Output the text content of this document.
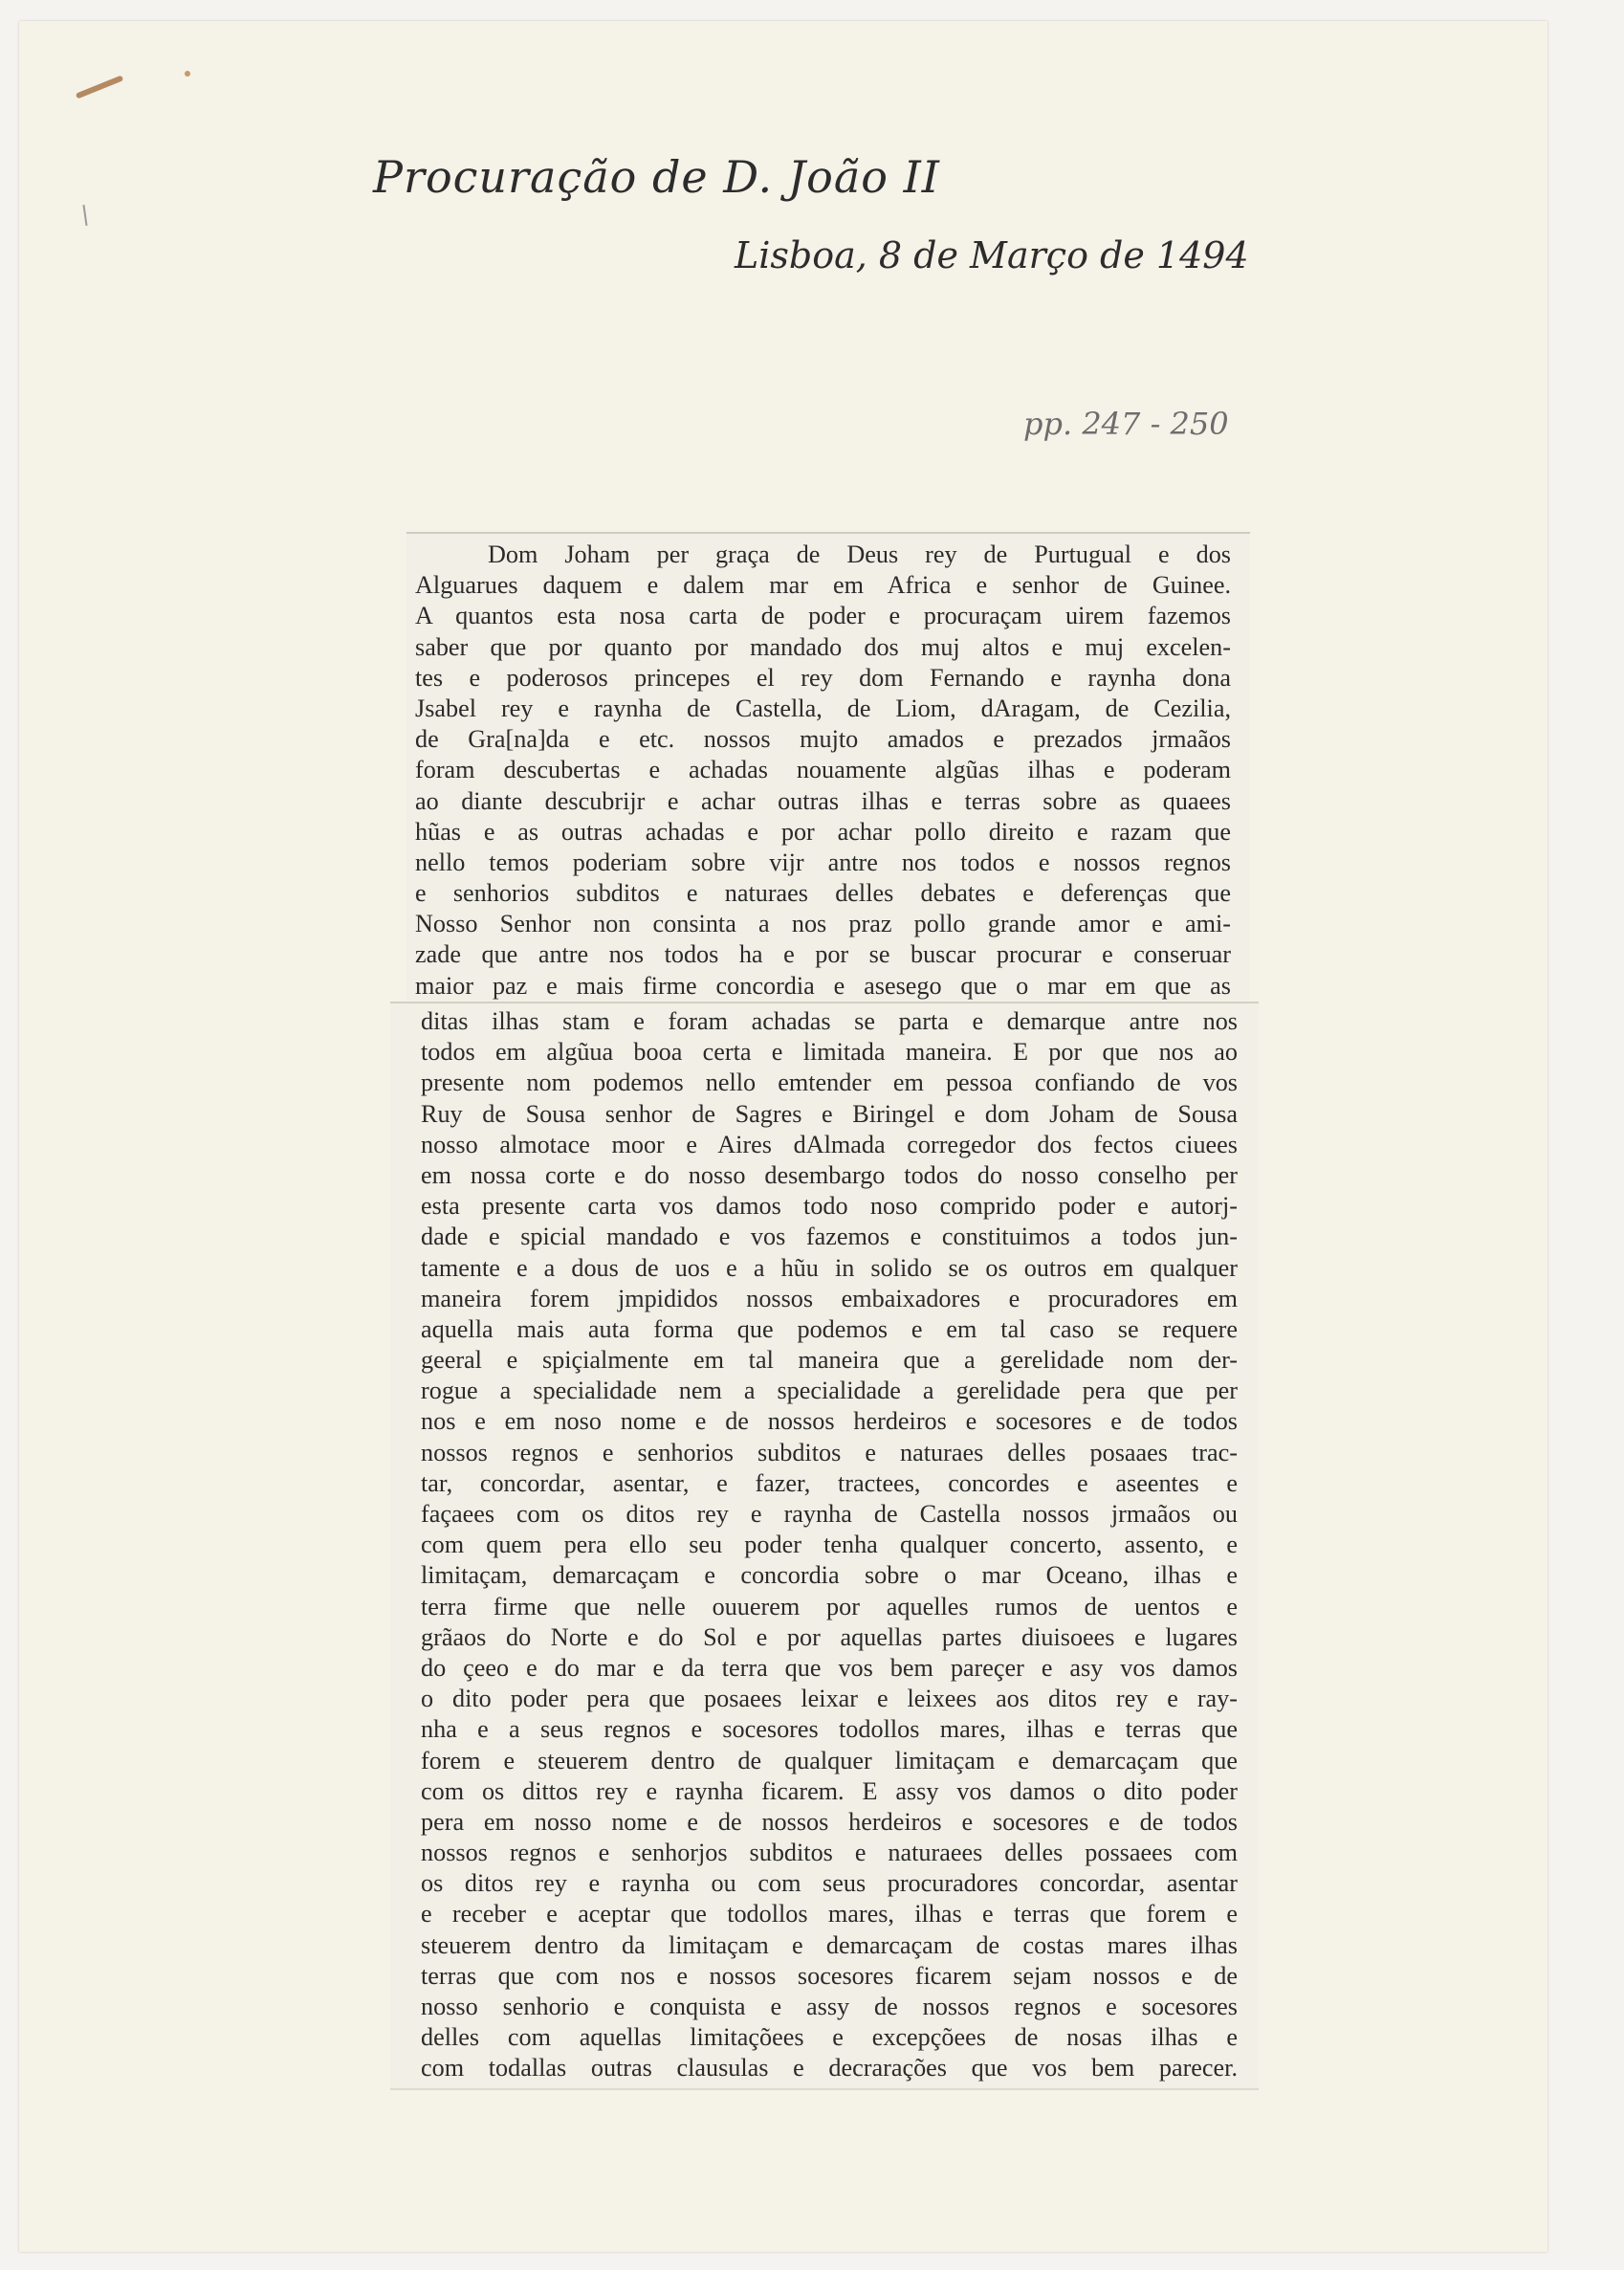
Procuração de D. João II
Lisboa, 8 de Março de 1494
pp. 247 - 250
Dom Joham per graça de Deus rey de Purtugual e dos
Alguarues daquem e dalem mar em Africa e senhor de Guinee.
A quantos esta nosa carta de poder e procuraçam uirem fazemos
saber que por quanto por mandado dos muj altos e muj excelen-
tes e poderosos princepes el rey dom Fernando e raynha dona
Jsabel rey e raynha de Castella, de Liom, dAragam, de Cezilia,
de Gra[na]da e etc. nossos mujto amados e prezados jrmaãos
foram descubertas e achadas nouamente algũas ilhas e poderam
ao diante descubrijr e achar outras ilhas e terras sobre as quaees
hũas e as outras achadas e por achar pollo direito e razam que
nello temos poderiam sobre vijr antre nos todos e nossos regnos
e senhorios subditos e naturaes delles debates e deferenças que
Nosso Senhor non consinta a nos praz pollo grande amor e ami-
zade que antre nos todos ha e por se buscar procurar e conseruar
maior paz e mais firme concordia e asesego que o mar em que as
ditas ilhas stam e foram achadas se parta e demarque antre nos
todos em algũua booa certa e limitada maneira. E por que nos ao
presente nom podemos nello emtender em pessoa confiando de vos
Ruy de Sousa senhor de Sagres e Biringel e dom Joham de Sousa
nosso almotace moor e Aires dAlmada corregedor dos fectos ciuees
em nossa corte e do nosso desembargo todos do nosso conselho per
esta presente carta vos damos todo noso comprido poder e autorj-
dade e spicial mandado e vos fazemos e constituimos a todos jun-
tamente e a dous de uos e a hũu in solido se os outros em qualquer
maneira forem jmpididos nossos embaixadores e procuradores em
aquella mais auta forma que podemos e em tal caso se requere
geeral e spiçialmente em tal maneira que a gerelidade nom der-
rogue a specialidade nem a specialidade a gerelidade pera que per
nos e em noso nome e de nossos herdeiros e socesores e de todos
nossos regnos e senhorios subditos e naturaes delles posaaes trac-
tar, concordar, asentar, e fazer, tractees, concordes e aseentes e
façaees com os ditos rey e raynha de Castella nossos jrmaãos ou
com quem pera ello seu poder tenha qualquer concerto, assento, e
limitaçam, demarcaçam e concordia sobre o mar Oceano, ilhas e
terra firme que nelle ouuerem por aquelles rumos de uentos e
grãaos do Norte e do Sol e por aquellas partes diuisoees e lugares
do çeeo e do mar e da terra que vos bem pareçer e asy vos damos
o dito poder pera que posaees leixar e leixees aos ditos rey e ray-
nha e a seus regnos e socesores todollos mares, ilhas e terras que
forem e steuerem dentro de qualquer limitaçam e demarcaçam que
com os dittos rey e raynha ficarem. E assy vos damos o dito poder
pera em nosso nome e de nossos herdeiros e socesores e de todos
nossos regnos e senhorjos subditos e naturaees delles possaees com
os ditos rey e raynha ou com seus procuradores concordar, asentar
e receber e aceptar que todollos mares, ilhas e terras que forem e
steuerem dentro da limitaçam e demarcaçam de costas mares ilhas
terras que com nos e nossos socesores ficarem sejam nossos e de
nosso senhorio e conquista e assy de nossos regnos e socesores
delles com aquellas limitaçõees e excepçõees de nosas ilhas e
com todallas outras clausulas e decrarações que vos bem parecer.
